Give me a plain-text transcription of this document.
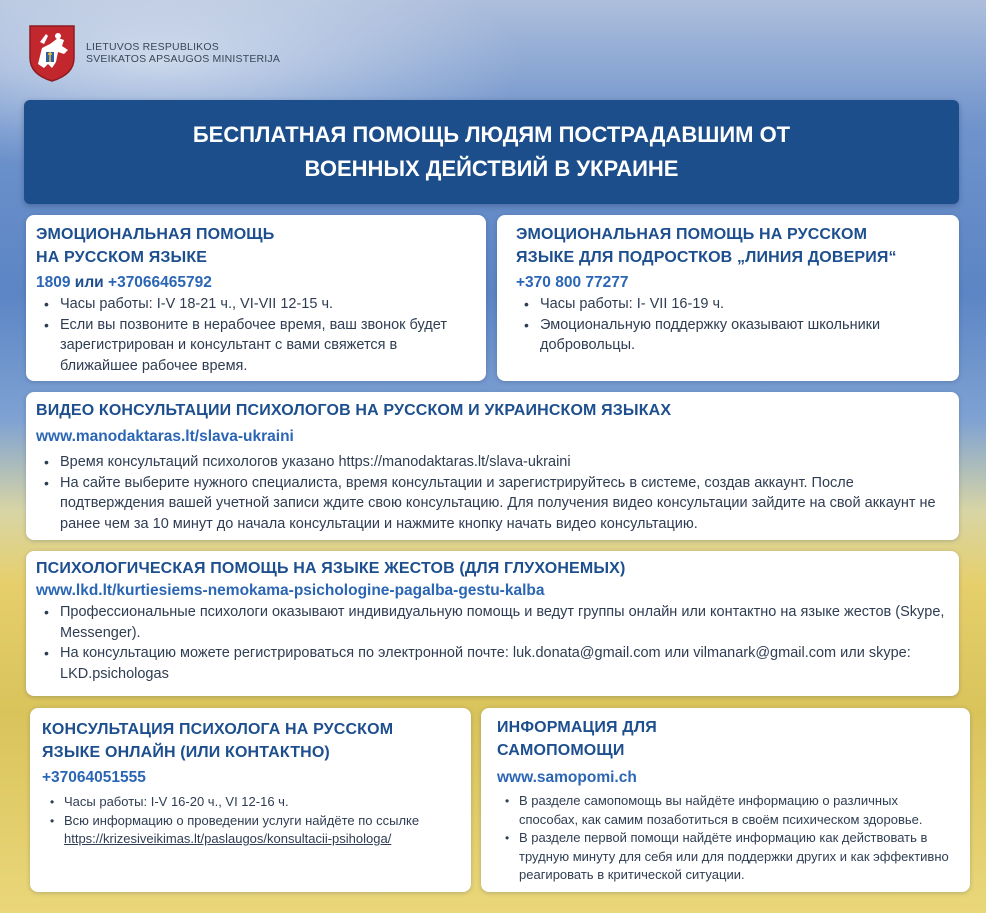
LIETUVOS RESPUBLIKOS
SVEIKATOS APSAUGOS MINISTERIJA
БЕСПЛАТНАЯ ПОМОЩЬ ЛЮДЯМ ПОСТРАДАВШИМ ОТ
ВОЕННЫХ ДЕЙСТВИЙ В УКРАИНЕ
ЭМОЦИОНАЛЬНАЯ ПОМОЩЬ
НА РУССКОМ ЯЗЫКЕ
1809 или +37066465792
• Часы работы: I-V 18-21 ч., VI-VII 12-15 ч.
• Если вы позвоните в нерабочее время, ваш звонок будет зарегистрирован и консультант с вами свяжется в ближайшее рабочее время.
ЭМОЦИОНАЛЬНАЯ ПОМОЩЬ НА РУССКОМ
ЯЗЫКЕ ДЛЯ ПОДРОСТКОВ „ЛИНИЯ ДОВЕРИЯ“
+370 800 77277
• Часы работы: I- VII 16-19 ч.
• Эмоциональную поддержку оказывают школьники добровольцы.
ВИДЕО КОНСУЛЬТАЦИИ ПСИХОЛОГОВ НА РУССКОМ И УКРАИНСКОМ ЯЗЫКАХ
www.manodaktaras.lt/slava-ukraini
• Время консультаций психологов указано https://manodaktaras.lt/slava-ukraini
• На сайте выберите нужного специалиста, время консультации и зарегистрируйтесь в системе, создав аккаунт. После подтверждения вашей учетной записи ждите свою консультацию. Для получения видео консультации зайдите на свой аккаунт не ранее чем за 10 минут до начала консультации и нажмите кнопку начать видео консультацию.
ПСИХОЛОГИЧЕСКАЯ ПОМОЩЬ НА ЯЗЫКЕ ЖЕСТОВ (ДЛЯ ГЛУХОНЕМЫХ)
www.lkd.lt/kurtiesiems-nemokama-psichologine-pagalba-gestu-kalba
• Профессиональные психологи оказывают индивидуальную помощь и ведут группы онлайн или контактно на языке жестов (Skype, Messenger).
• На консультацию можете регистрироваться по электронной почте: luk.donata@gmail.com или vilmanark@gmail.com или skype: LKD.psichologas
КОНСУЛЬТАЦИЯ ПСИХОЛОГА НА РУССКОМ
ЯЗЫКЕ ОНЛАЙН (ИЛИ КОНТАКТНО)
+37064051555
• Часы работы: I-V 16-20 ч., VI 12-16 ч.
• Всю информацию о проведении услуги найдёте по ссылке https://krizesiveikimas.lt/paslaugos/konsultacii-psihologa/
ИНФОРМАЦИЯ ДЛЯ
САМОПОМОЩИ
www.samopomi.ch
• В разделе самопомощь вы найдёте информацию о различных способах, как самим позаботиться в своём психическом здоровье.
• В разделе первой помощи найдёте информацию как действовать в трудную минуту для себя или для поддержки других и как эффективно реагировать в критической ситуации.
